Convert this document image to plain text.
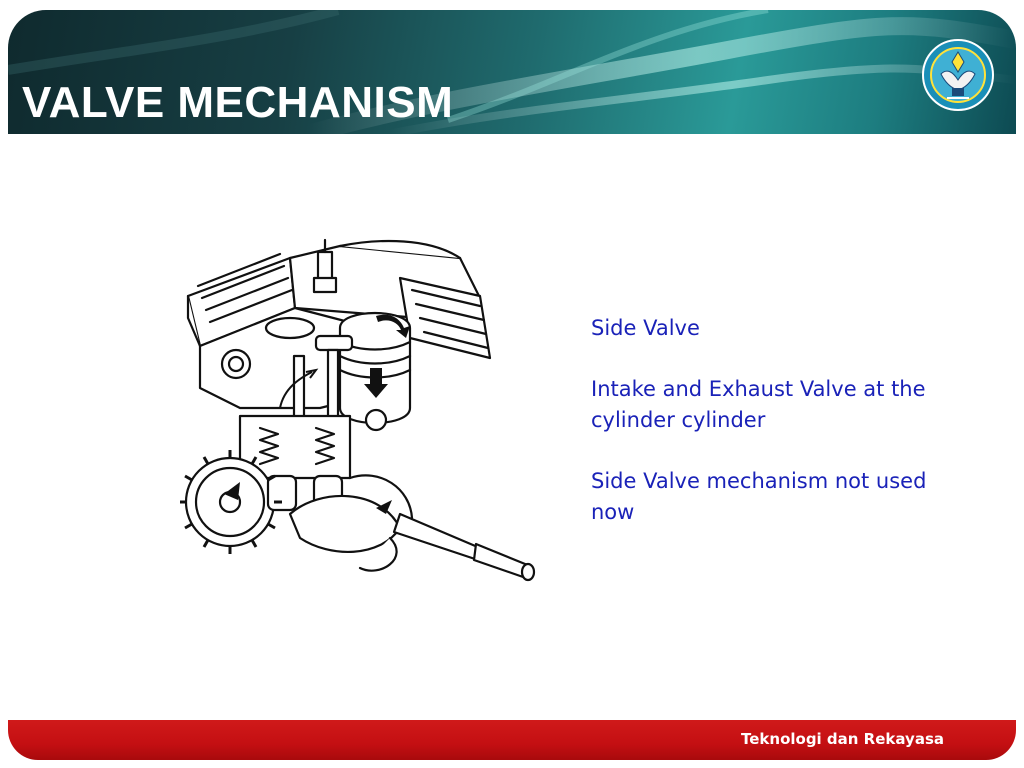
VALVE MECHANISM

Side Valve

Intake and Exhaust Valve at the cylinder cylinder

Side Valve mechanism not used now

Teknologi dan Rekayasa
